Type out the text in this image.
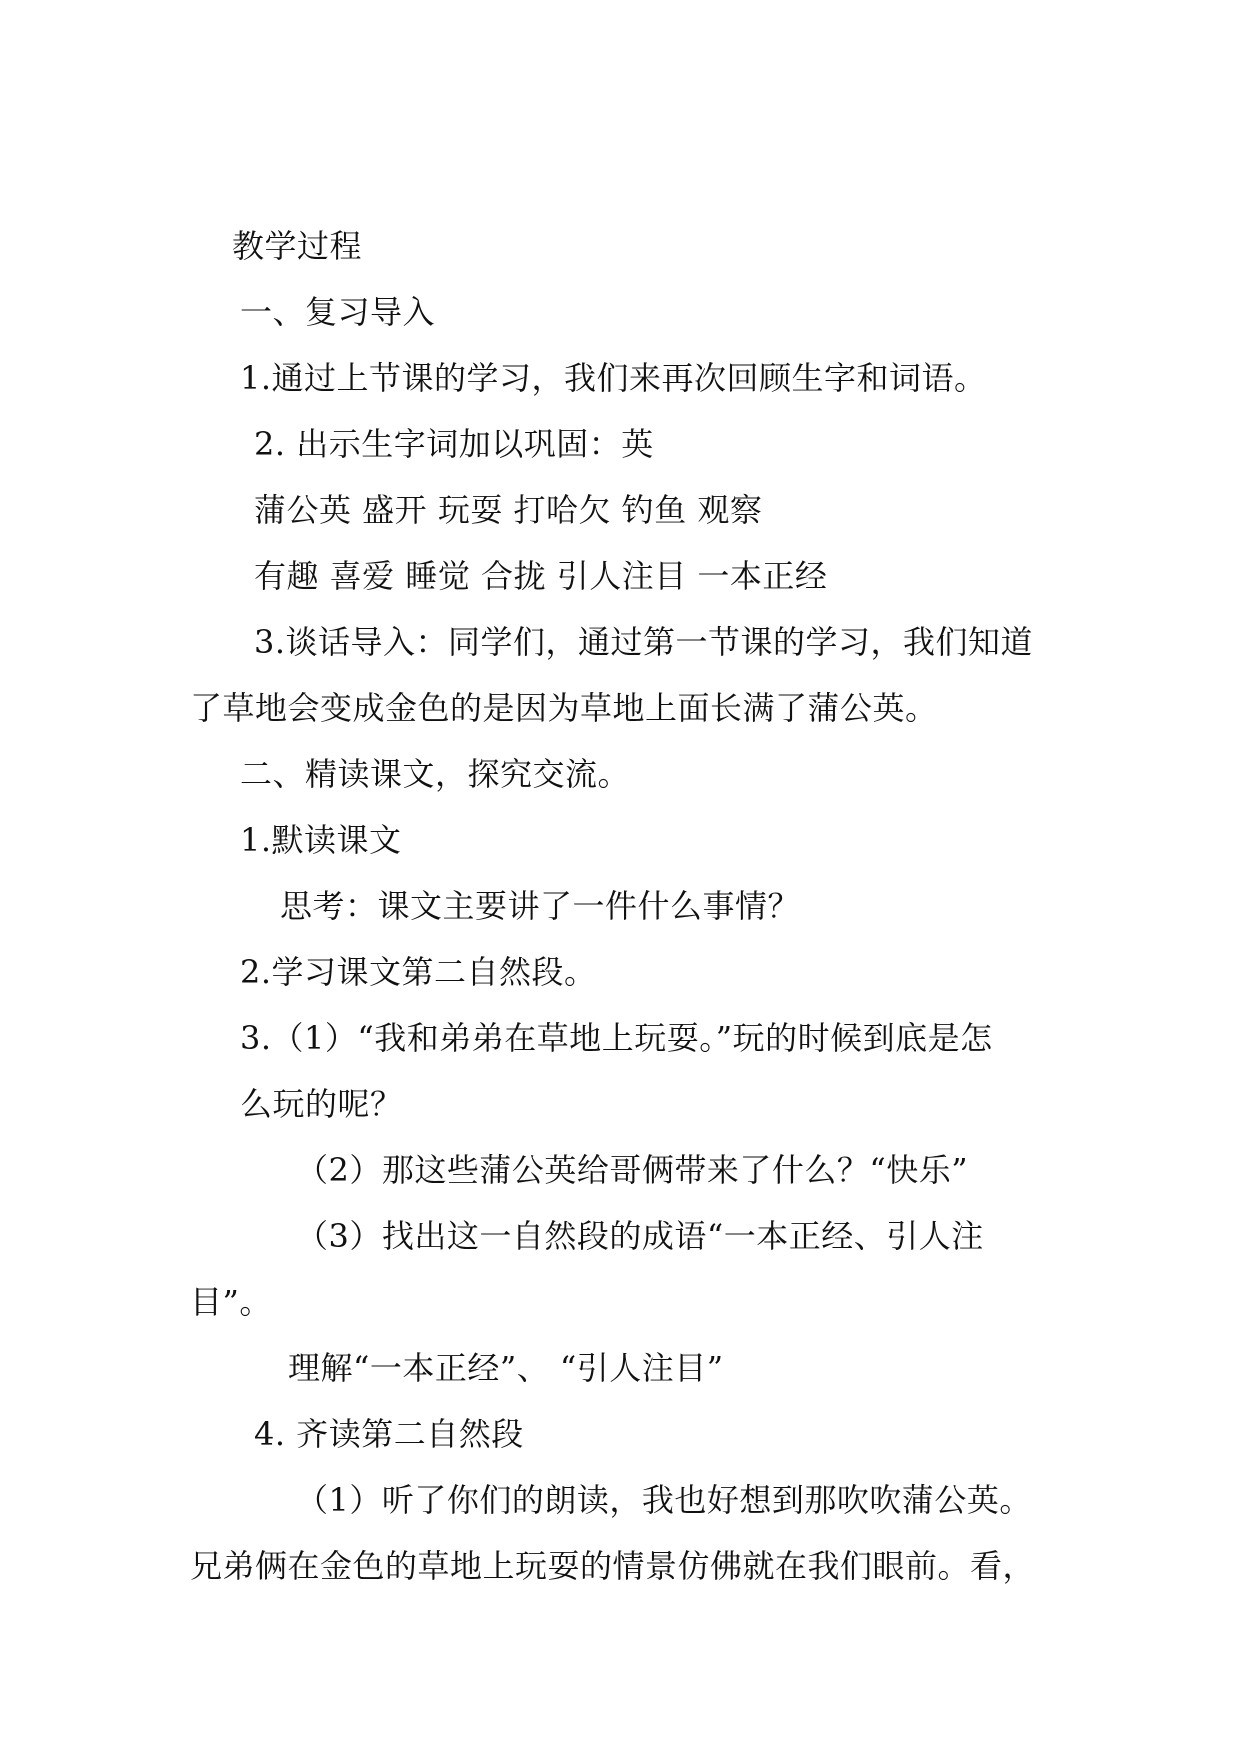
教学过程
一、复习导入
1.通过上节课的学习，我们来再次回顾生字和词语。
2. 出示生字词加以巩固：英
蒲公英 盛开 玩耍 打哈欠 钓鱼 观察
有趣 喜爱 睡觉 合拢 引人注目 一本正经
3.谈话导入：同学们，通过第一节课的学习，我们知道
了草地会变成金色的是因为草地上面长满了蒲公英。
二、精读课文，探究交流。
1.默读课文
思考：课文主要讲了一件什么事情？
2.学习课文第二自然段。
3.（1）“我和弟弟在草地上玩耍。”玩的时候到底是怎
么玩的呢？
（2）那这些蒲公英给哥俩带来了什么？“快乐”
（3）找出这一自然段的成语“一本正经、引人注
目”。
理解“一本正经”、 “引人注目”
4. 齐读第二自然段
（1）听了你们的朗读，我也好想到那吹吹蒲公英。
兄弟俩在金色的草地上玩耍的情景仿佛就在我们眼前。看，
